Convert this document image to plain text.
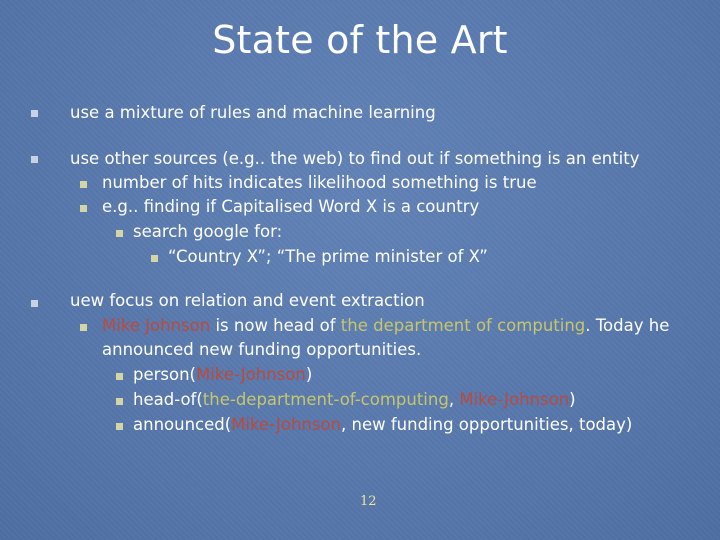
State of the Art
use a mixture of rules and machine learning
use other sources (e.g.. the web) to find out if something is an entity
number of hits indicates likelihood something is true
e.g.. finding if Capitalised Word X is a country
search google for:
“Country X”; “The prime minister of X”
uew focus on relation and event extraction
Mike Johnson is now head of the department of computing. Today he
announced new funding opportunities.
person(Mike-Johnson)
head-of(the-department-of-computing, Mike-Johnson)
announced(Mike-Johnson, new funding opportunities, today)
12
